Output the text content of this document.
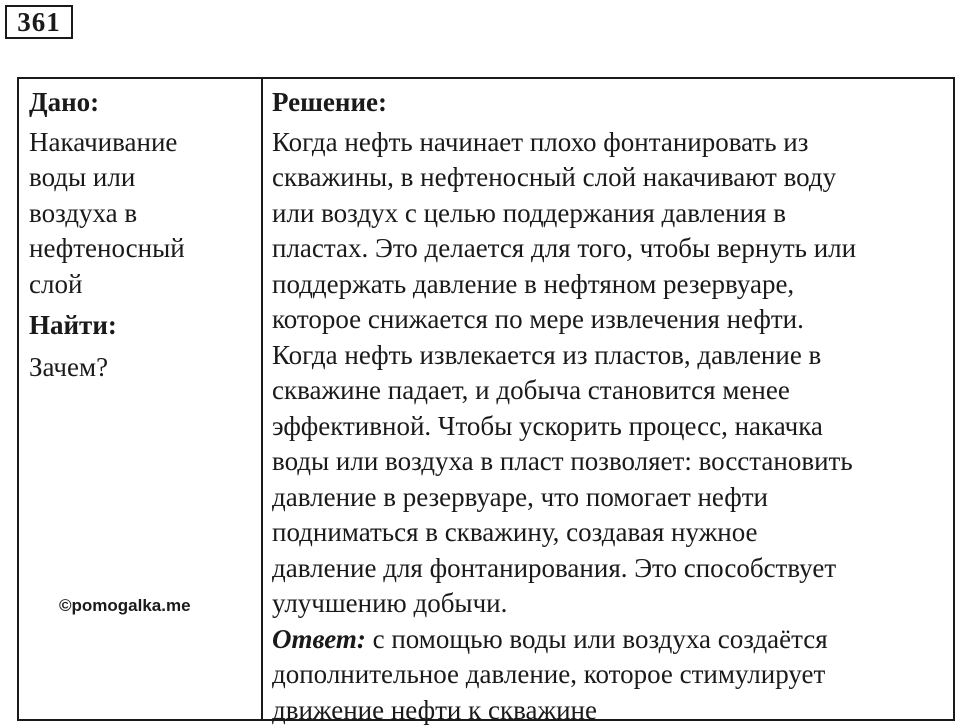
361
Дано:
Накачивание
воды или
воздуха в
нефтеносный
слой
Найти:
Зачем?
©pomogalka.me
Решение:
Когда нефть начинает плохо фонтанировать из
скважины, в нефтеносный слой накачивают воду
или воздух с целью поддержания давления в
пластах. Это делается для того, чтобы вернуть или
поддержать давление в нефтяном резервуаре,
которое снижается по мере извлечения нефти.
Когда нефть извлекается из пластов, давление в
скважине падает, и добыча становится менее
эффективной. Чтобы ускорить процесс, накачка
воды или воздуха в пласт позволяет: восстановить
давление в резервуаре, что помогает нефти
подниматься в скважину, создавая нужное
давление для фонтанирования. Это способствует
улучшению добычи.
Ответ: с помощью воды или воздуха создаётся
дополнительное давление, которое стимулирует
движение нефти к скважине
